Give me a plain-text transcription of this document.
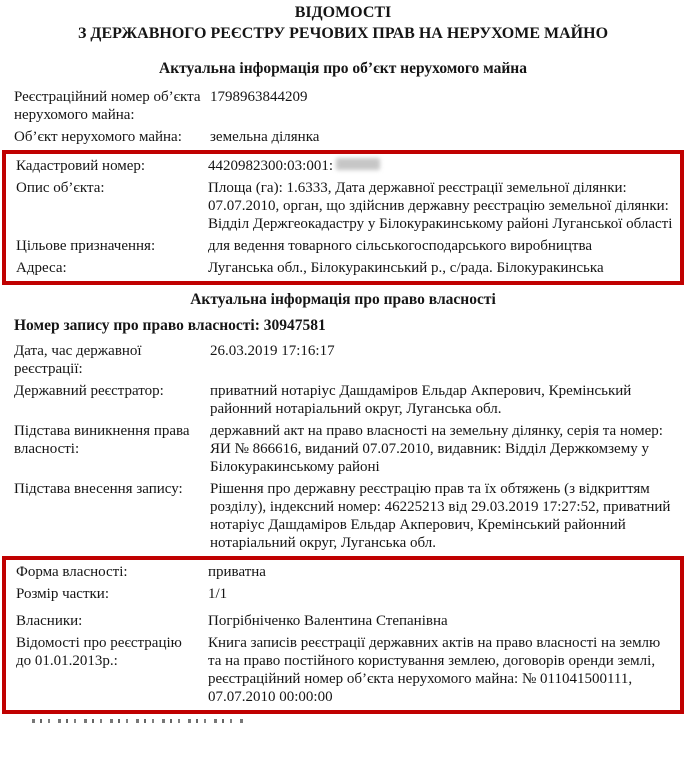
ВІДОМОСТІ
З ДЕРЖАВНОГО РЕЄСТРУ РЕЧОВИХ ПРАВ НА НЕРУХОМЕ МАЙНО
Актуальна інформація про об’єкт нерухомого майна
Реєстраційний номер об’єкта нерухомого майна:
1798963844209
Об’єкт нерухомого майна:	земельна ділянка
Кадастровий номер:	4420982300:03:001:
Опис об’єкта:	Площа (га): 1.6333, Дата державної реєстрації земельної ділянки: 07.07.2010, орган, що здійснив державну реєстрацію земельної ділянки: Відділ Держгеокадастру у Білокуракинському районі Луганської області
Цільове призначення:	для ведення товарного сільськогосподарського виробництва
Адреса:	Луганська обл., Білокуракинський р., с/рада. Білокуракинська
Актуальна інформація про право власності
Номер запису про право власності: 30947581
Дата, час державної реєстрації:
26.03.2019 17:16:17
Державний реєстратор:	приватний нотаріус Дашдаміров Ельдар Акперович, Кремінський районний нотаріальний округ, Луганська обл.
Підстава виникнення права власності:
державний акт на право власності на земельну ділянку, серія та номер: ЯИ № 866616, виданий 07.07.2010, видавник: Відділ Держкомзему у Білокуракинському районі
Підстава внесення запису:	Рішення про державну реєстрацію прав та їх обтяжень (з відкриттям розділу), індексний номер: 46225213 від 29.03.2019 17:27:52, приватний нотаріус Дашдаміров Ельдар Акперович, Кремінський районний нотаріальний округ, Луганська обл.
Форма власності:	приватна
Розмір частки:	1/1
Власники:	Погрібніченко Валентина Степанівна
Відомості про реєстрацію до 01.01.2013р.:
Книга записів реєстрації державних актів на право власності на землю та на право постійного користування землею, договорів оренди землі, реєстраційний номер об’єкта нерухомого майна: № 011041500111, 07.07.2010 00:00:00
